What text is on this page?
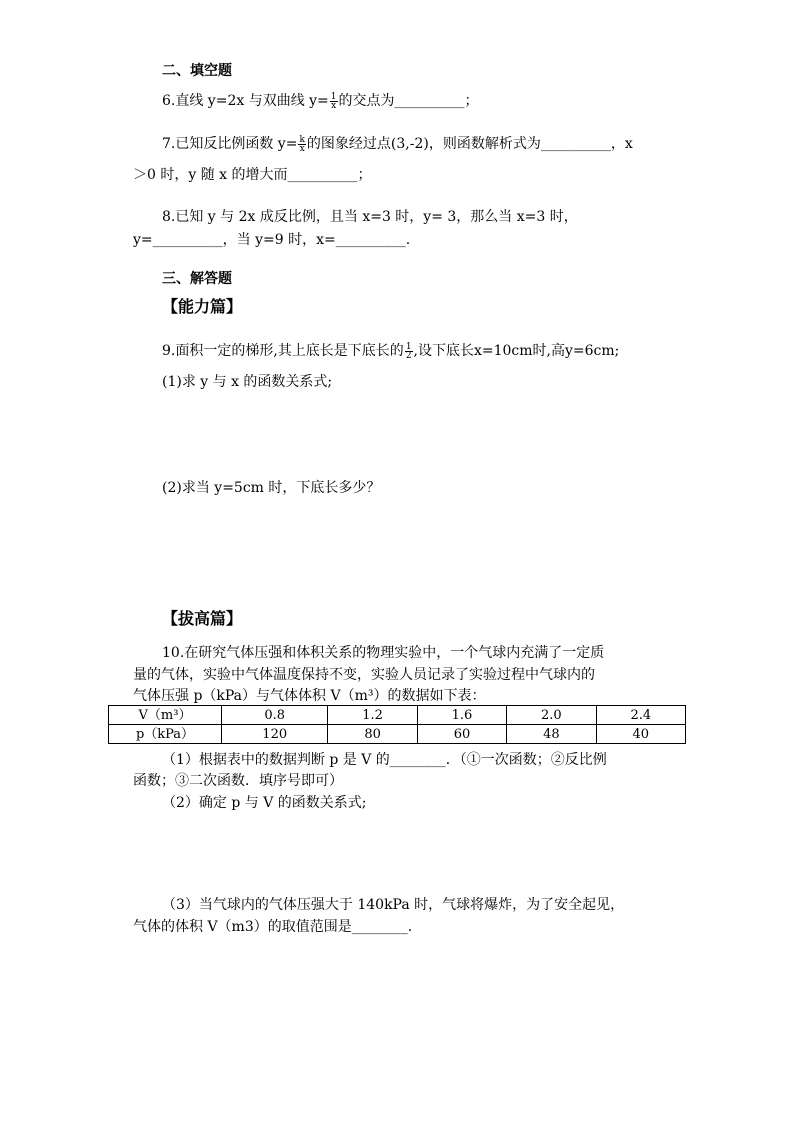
二、填空题
6.直线 y=2x 与双曲线 $y= \frac{1}{x}$ 的交点为__________；
7.已知反比例函数 $y= \frac{k}{x}$ 的图象经过点(3,-2)，则函数解析式为__________，x
＞0 时，y 随 x 的增大而__________；
8.已知 y 与 2x 成反比例，且当 x=3 时，y= 3，那么当 x=3 时，
y=__________，当 y=9 时，x=__________.
三、解答题
【能力篇】
9.面积一定的梯形,其上底长是下底长的 $\frac{1}{2}$ ,设下底长x=10cm时,高y=6cm;
(1)求 y 与 x 的函数关系式;
(2)求当 y=5cm 时，下底长多少？
【拔高篇】
10.在研究气体压强和体积关系的物理实验中，一个气球内充满了一定质
量的气体，实验中气体温度保持不变，实验人员记录了实验过程中气球内的
气体压强 p（kPa）与气体体积 V（m³）的数据如下表：
V（m³）	0.8	1.2	1.6	2.0	2.4
p（kPa）	120	80	60	48	40
（1）根据表中的数据判断 p 是 V 的________．（①一次函数；②反比例
函数；③二次函数．填序号即可）
（2）确定 p 与 V 的函数关系式;
（3）当气球内的气体压强大于 140kPa 时，气球将爆炸，为了安全起见，
气体的体积 V（m3）的取值范围是________.
